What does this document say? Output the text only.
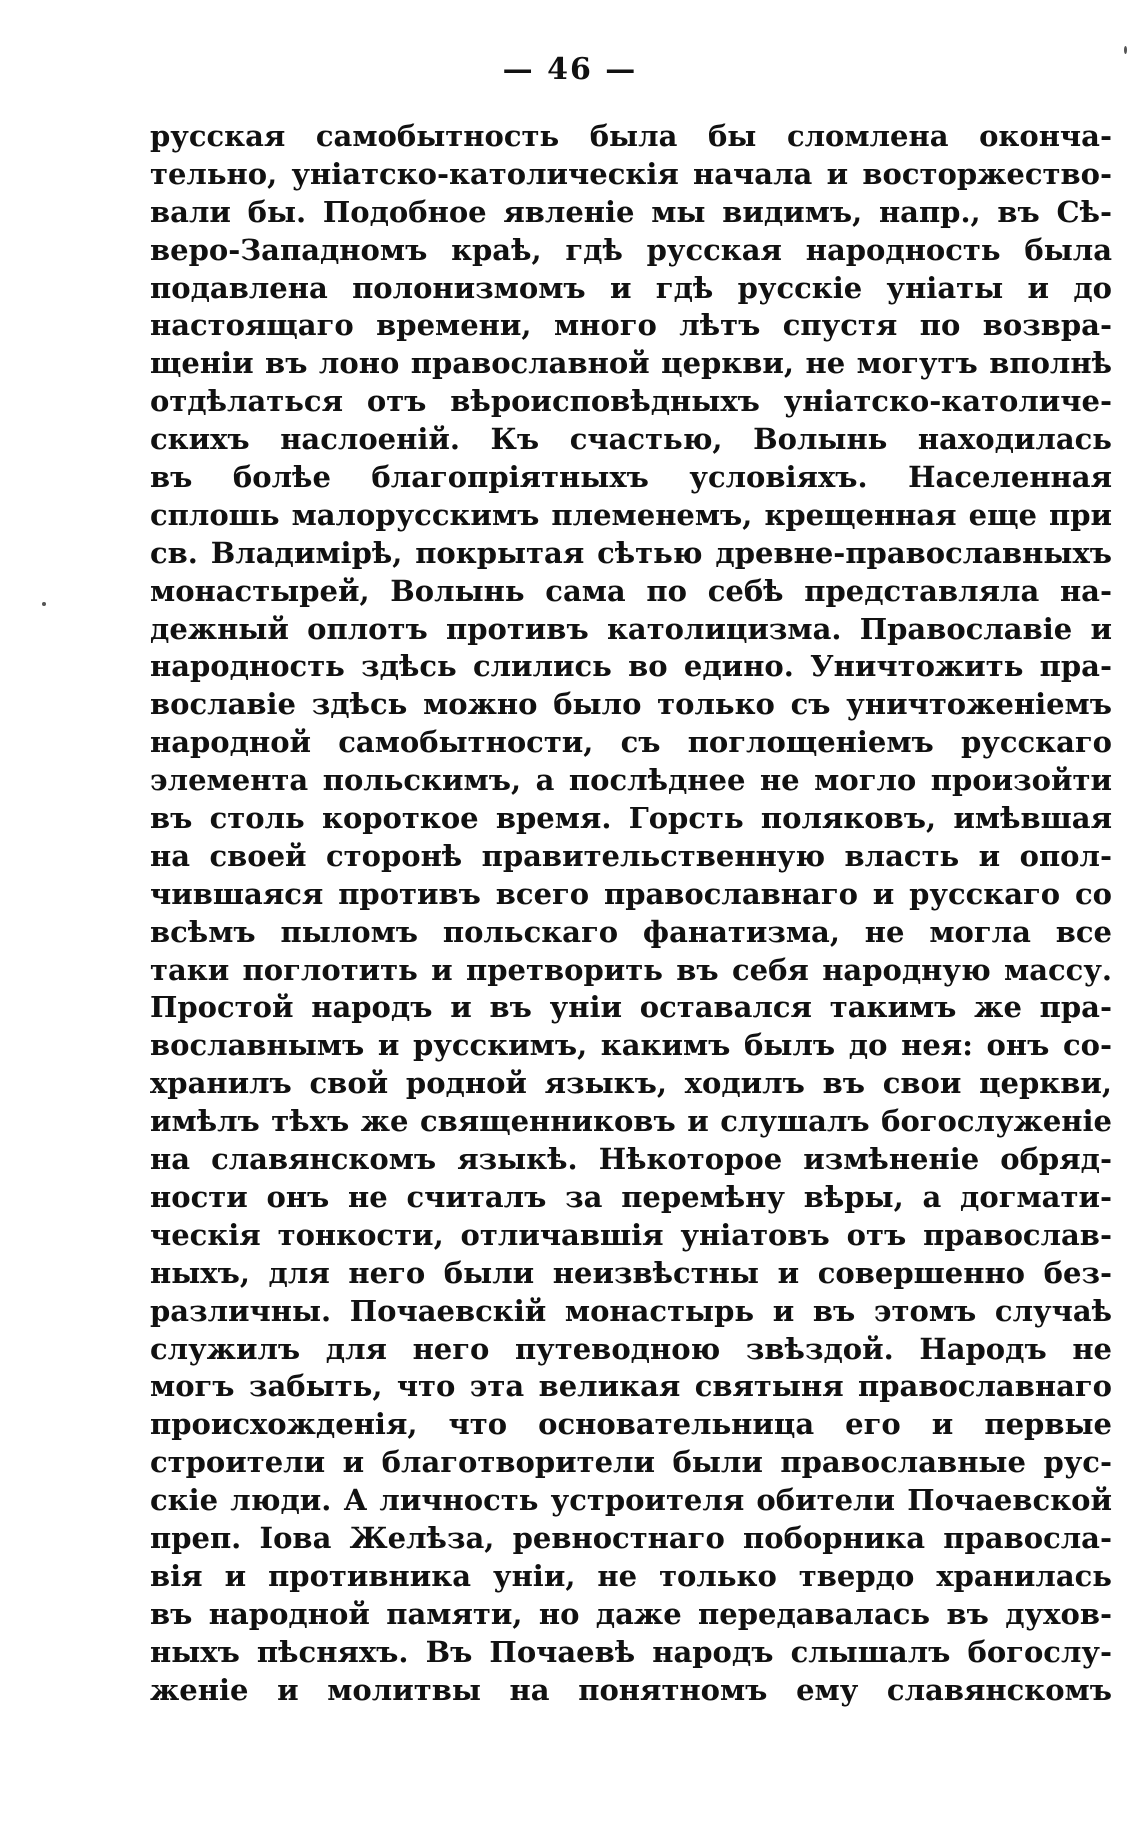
— 46 —
русская самобытность была бы сломлена оконча-
тельно, уніатско-католическія начала и восторжество-
вали бы. Подобное явленіе мы видимъ, напр., въ Сѣ-
веро-Западномъ краѣ, гдѣ русская народность была
подавлена полонизмомъ и гдѣ русскіе уніаты и до
настоящаго времени, много лѣтъ спустя по возвра-
щеніи въ лоно православной церкви, не могутъ вполнѣ
отдѣлаться отъ вѣроисповѣдныхъ уніатско-католиче-
скихъ наслоеній. Къ счастью, Волынь находилась
въ болѣе благопріятныхъ условіяхъ. Населенная
сплошь малорусскимъ племенемъ, крещенная еще при
св. Владимірѣ, покрытая сѣтью древне-православныхъ
монастырей, Волынь сама по себѣ представляла на-
дежный оплотъ противъ католицизма. Православіе и
народность здѣсь слились во едино. Уничтожить пра-
вославіе здѣсь можно было только съ уничтоженіемъ
народной самобытности, съ поглощеніемъ русскаго
элемента польскимъ, а послѣднее не могло произойти
въ столь короткое время. Горсть поляковъ, имѣвшая
на своей сторонѣ правительственную власть и опол-
чившаяся противъ всего православнаго и русскаго со
всѣмъ пыломъ польскаго фанатизма, не могла все
таки поглотить и претворить въ себя народную массу.
Простой народъ и въ уніи оставался такимъ же пра-
вославнымъ и русскимъ, какимъ былъ до нея: онъ со-
хранилъ свой родной языкъ, ходилъ въ свои церкви,
имѣлъ тѣхъ же священниковъ и слушалъ богослуженіе
на славянскомъ языкѣ. Нѣкоторое измѣненіе обряд-
ности онъ не считалъ за перемѣну вѣры, а догмати-
ческія тонкости, отличавшія уніатовъ отъ православ-
ныхъ, для него были неизвѣстны и совершенно без-
различны. Почаевскій монастырь и въ этомъ случаѣ
служилъ для него путеводною звѣздой. Народъ не
могъ забыть, что эта великая святыня православнаго
происхожденія, что основательница его и первые
строители и благотворители были православные рус-
скіе люди. А личность устроителя обители Почаевской
преп. Іова Желѣза, ревностнаго поборника правосла-
вія и противника уніи, не только твердо хранилась
въ народной памяти, но даже передавалась въ духов-
ныхъ пѣсняхъ. Въ Почаевѣ народъ слышалъ богослу-
женіе и молитвы на понятномъ ему славянскомъ
